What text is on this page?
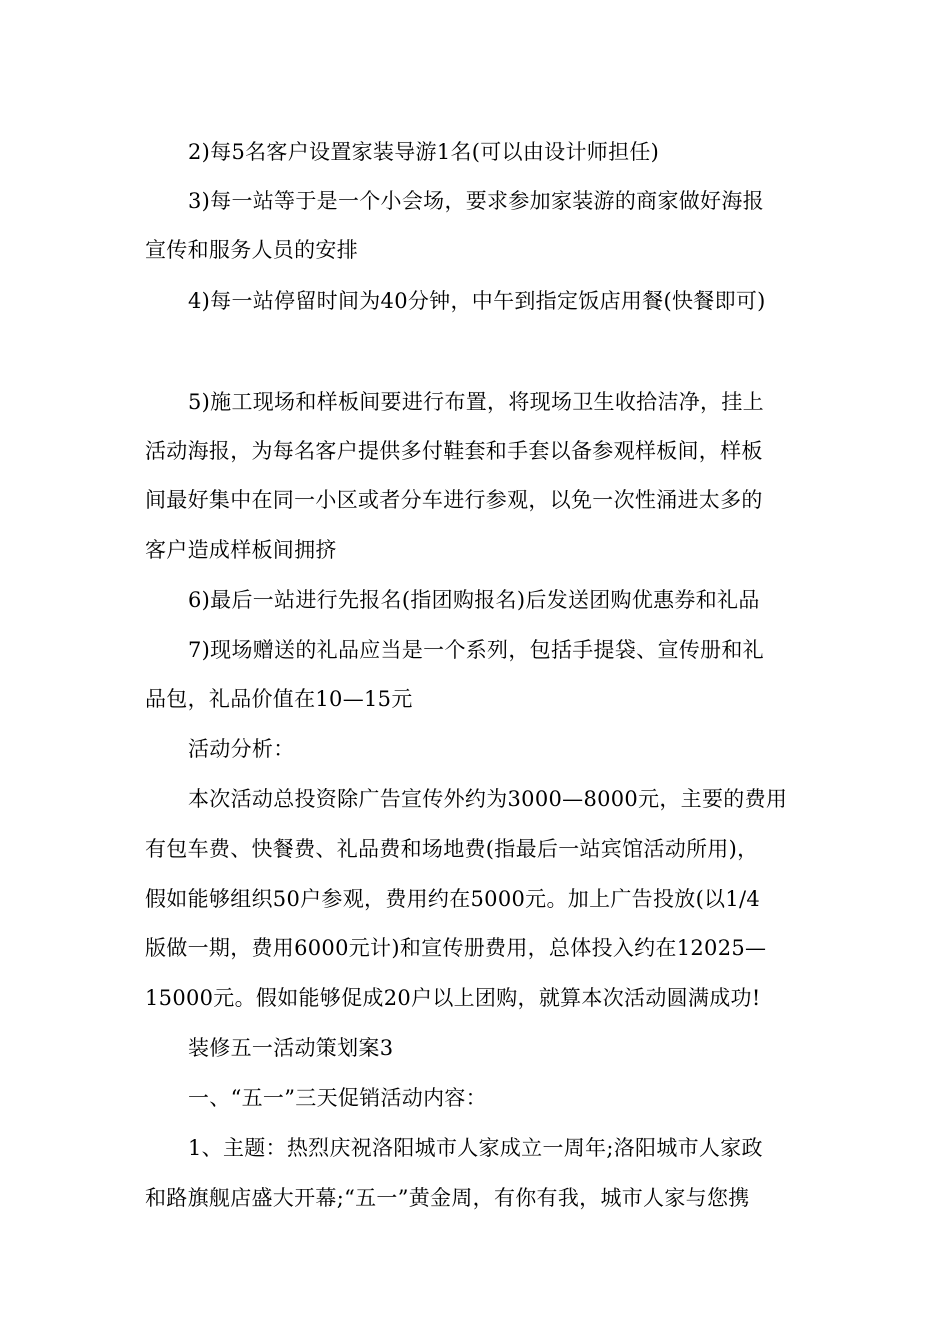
2)每5名客户设置家装导游1名(可以由设计师担任)
3)每一站等于是一个小会场，要求参加家装游的商家做好海报
宣传和服务人员的安排
4)每一站停留时间为40分钟，中午到指定饭店用餐(快餐即可)
5)施工现场和样板间要进行布置，将现场卫生收拾洁净，挂上
活动海报，为每名客户提供多付鞋套和手套以备参观样板间，样板
间最好集中在同一小区或者分车进行参观，以免一次性涌进太多的
客户造成样板间拥挤
6)最后一站进行先报名(指团购报名)后发送团购优惠券和礼品
7)现场赠送的礼品应当是一个系列，包括手提袋、宣传册和礼
品包，礼品价值在10—15元
活动分析：
本次活动总投资除广告宣传外约为3000—8000元，主要的费用
有包车费、快餐费、礼品费和场地费(指最后一站宾馆活动所用)，
假如能够组织50户参观，费用约在5000元。加上广告投放(以1/4
版做一期，费用6000元计)和宣传册费用，总体投入约在12025—
15000元。假如能够促成20户以上团购，就算本次活动圆满成功!
装修五一活动策划案3
一、“五一”三天促销活动内容：
1、主题：热烈庆祝洛阳城市人家成立一周年;洛阳城市人家政
和路旗舰店盛大开幕;“五一”黄金周，有你有我，城市人家与您携
